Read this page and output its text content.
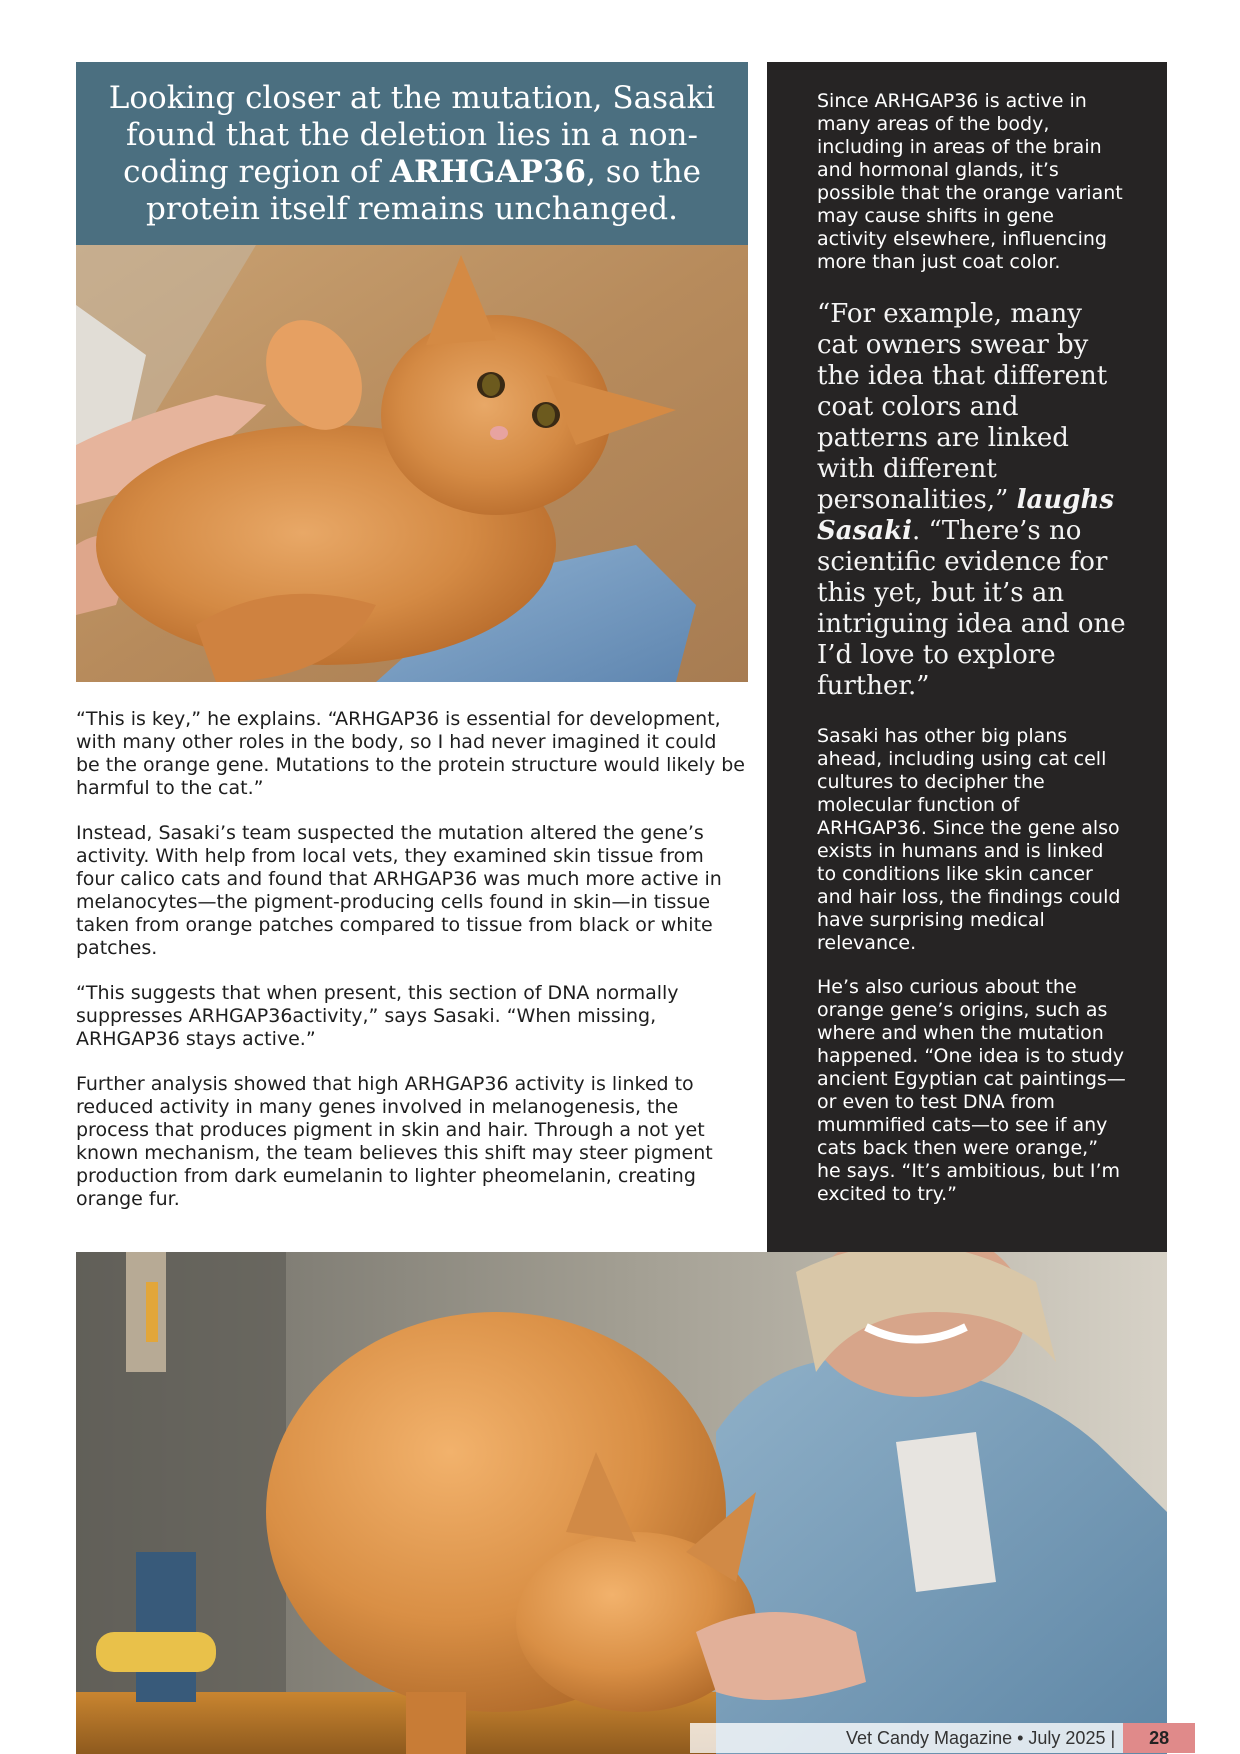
Looking closer at the mutation, Sasaki found that the deletion lies in a non-coding region of ARHGAP36, so the protein itself remains unchanged.

“This is key,” he explains. “ARHGAP36 is essential for development, with many other roles in the body, so I had never imagined it could be the orange gene. Mutations to the protein structure would likely be harmful to the cat.”

Instead, Sasaki’s team suspected the mutation altered the gene’s activity. With help from local vets, they examined skin tissue from four calico cats and found that ARHGAP36 was much more active in melanocytes—the pigment-producing cells found in skin—in tissue taken from orange patches compared to tissue from black or white patches.

“This suggests that when present, this section of DNA normally suppresses ARHGAP36activity,” says Sasaki. “When missing, ARHGAP36 stays active.”

Further analysis showed that high ARHGAP36 activity is linked to reduced activity in many genes involved in melanogenesis, the process that produces pigment in skin and hair. Through a not yet known mechanism, the team believes this shift may steer pigment production from dark eumelanin to lighter pheomelanin, creating orange fur.

Since ARHGAP36 is active in many areas of the body, including in areas of the brain and hormonal glands, it’s possible that the orange variant may cause shifts in gene activity elsewhere, influencing more than just coat color.

“For example, many cat owners swear by the idea that different coat colors and patterns are linked with different personalities,” laughs Sasaki. “There’s no scientific evidence for this yet, but it’s an intriguing idea and one I’d love to explore further.”

Sasaki has other big plans ahead, including using cat cell cultures to decipher the molecular function of ARHGAP36. Since the gene also exists in humans and is linked to conditions like skin cancer and hair loss, the findings could have surprising medical relevance.

He’s also curious about the orange gene’s origins, such as where and when the mutation happened. “One idea is to study ancient Egyptian cat paintings—or even to test DNA from mummified cats—to see if any cats back then were orange,” he says. “It’s ambitious, but I’m excited to try.”

Vet Candy Magazine • July 2025 |	28
